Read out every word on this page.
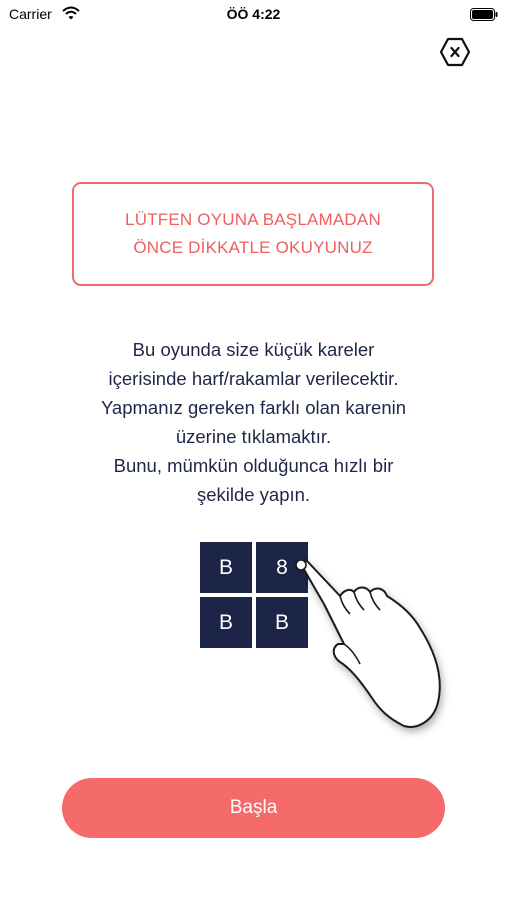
Carrier	ÖÖ 4:22
LÜTFEN OYUNA BAŞLAMADAN
ÖNCE DİKKATLE OKUYUNUZ
Bu oyunda size küçük kareler
içerisinde harf/rakamlar verilecektir.
Yapmanız gereken farklı olan karenin
üzerine tıklamaktır.
Bunu, mümkün olduğunca hızlı bir
şekilde yapın.
B	8
B	B
Başla
